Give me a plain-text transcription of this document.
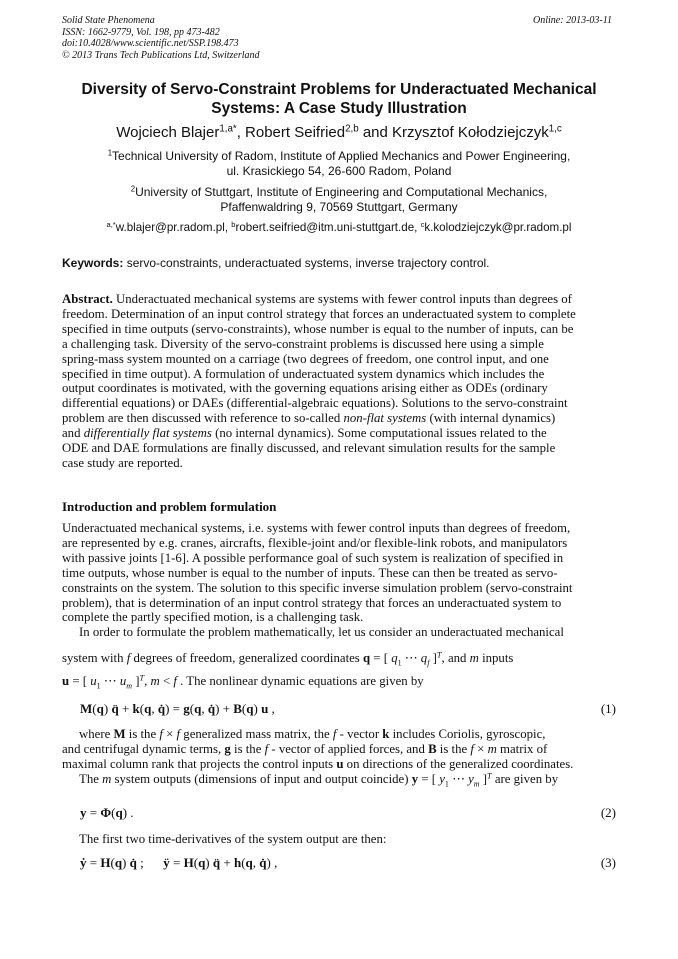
Solid State Phenomena
ISSN: 1662-9779, Vol. 198, pp 473-482
doi:10.4028/www.scientific.net/SSP.198.473
© 2013 Trans Tech Publications Ltd, Switzerland
Online: 2013-03-11
Diversity of Servo-Constraint Problems for Underactuated Mechanical Systems: A Case Study Illustration
Wojciech Blajer$^{1,a*}$, Robert Seifried$^{2,b}$ and Krzysztof Kołodziejczyk$^{1,c}$
$^1$Technical University of Radom, Institute of Applied Mechanics and Power Engineering,
ul. Krasickiego 54, 26-600 Radom, Poland
$^2$University of Stuttgart, Institute of Engineering and Computational Mechanics,
Pfaffenwaldring 9, 70569 Stuttgart, Germany
$^{a,*}$w.blajer@pr.radom.pl, $^b$robert.seifried@itm.uni-stuttgart.de, $^c$k.kolodziejczyk@pr.radom.pl
Keywords: servo-constraints, underactuated systems, inverse trajectory control.
Abstract. Underactuated mechanical systems are systems with fewer control inputs than degrees of
freedom. Determination of an input control strategy that forces an underactuated system to complete
specified in time outputs (servo-constraints), whose number is equal to the number of inputs, can be
a challenging task. Diversity of the servo-constraint problems is discussed here using a simple
spring-mass system mounted on a carriage (two degrees of freedom, one control input, and one
specified in time output). A formulation of underactuated system dynamics which includes the
output coordinates is motivated, with the governing equations arising either as ODEs (ordinary
differential equations) or DAEs (differential-algebraic equations). Solutions to the servo-constraint
problem are then discussed with reference to so-called non-flat systems (with internal dynamics)
and differentially flat systems (no internal dynamics). Some computational issues related to the
ODE and DAE formulations are finally discussed, and relevant simulation results for the sample
case study are reported.
Introduction and problem formulation
Underactuated mechanical systems, i.e. systems with fewer control inputs than degrees of freedom,
are represented by e.g. cranes, aircrafts, flexible-joint and/or flexible-link robots, and manipulators
with passive joints [1-6]. A possible performance goal of such system is realization of specified in
time outputs, whose number is equal to the number of inputs. These can then be treated as servo-
constraints on the system. The solution to this specific inverse simulation problem (servo-constraint
problem), that is determination of an input control strategy that forces an underactuated system to
complete the partly specified motion, is a challenging task.
In order to formulate the problem mathematically, let us consider an underactuated mechanical
system with f degrees of freedom, generalized coordinates q = [ $q_1$ ⋯ $q_f$ ]$^T$, and m inputs
u = [ $u_1$ ⋯ $u_m$ ]$^T$, m < f . The nonlinear dynamic equations are given by
M(q) q̈ + k(q, q̇) = g(q, q̇) + B(q) u ,	(1)
where M is the f × f generalized mass matrix, the f - vector k includes Coriolis, gyroscopic,
and centrifugal dynamic terms, g is the f - vector of applied forces, and B is the f × m matrix of
maximal column rank that projects the control inputs u on directions of the generalized coordinates.
The m system outputs (dimensions of input and output coincide) y = [ $y_1$ ⋯ $y_m$ ]$^T$ are given by
y = Φ(q) .	(2)
The first two time-derivatives of the system output are then:
ẏ = H(q) q̇ ;      ÿ = H(q) q̈ + h(q, q̇) ,	(3)
